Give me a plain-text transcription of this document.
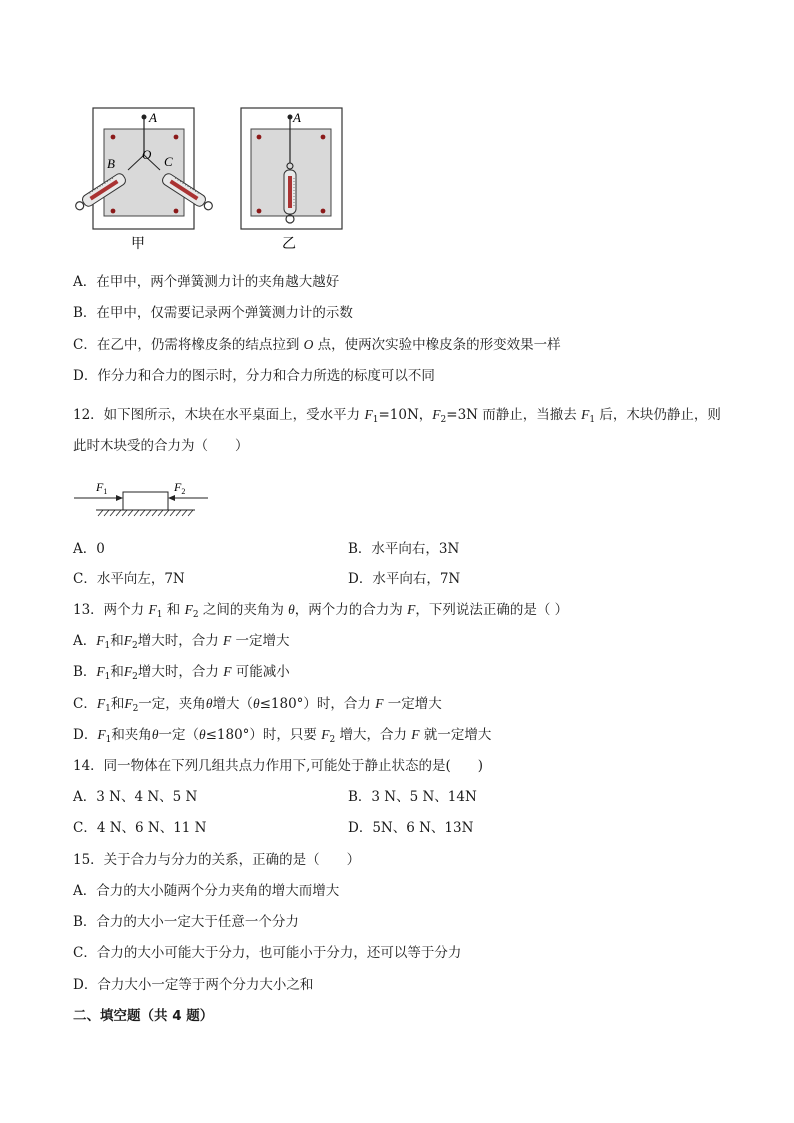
A
B
O C
甲
A
乙
A．在甲中，两个弹簧测力计的夹角越大越好
B．在甲中，仅需要记录两个弹簧测力计的示数
C．在乙中，仍需将橡皮条的结点拉到 O 点，使两次实验中橡皮条的形变效果一样
D．作分力和合力的图示时，分力和合力所选的标度可以不同
12．如下图所示，木块在水平桌面上，受水平力 $F_1=10N$，$F_2=3N$ 而静止，当撤去 $F_1$ 后，木块仍静止，则
此时木块受的合力为（　　）
$F_1$	$F_2$
A．0	B．水平向右，3N
C．水平向左，7N	D．水平向右，7N
13．两个力 $F_1$ 和 $F_2$ 之间的夹角为 θ，两个力的合力为 F，下列说法正确的是（ ）
A．$F_1$和$F_2$增大时，合力 F 一定增大
B．$F_1$和$F_2$增大时，合力 F 可能减小
C．$F_1$和$F_2$一定，夹角θ增大（θ≤180°）时，合力 F 一定增大
D．$F_1$和夹角θ一定（θ≤180°）时，只要 $F_2$ 增大，合力 F 就一定增大
14．同一物体在下列几组共点力作用下,可能处于静止状态的是(　　)
A．3 N、4 N、5 N	B．3 N、5 N、14N
C．4 N、6 N、11 N	D．5N、6 N、13N
15．关于合力与分力的关系，正确的是（　　）
A．合力的大小随两个分力夹角的增大而增大
B．合力的大小一定大于任意一个分力
C．合力的大小可能大于分力，也可能小于分力，还可以等于分力
D．合力大小一定等于两个分力大小之和
二、填空题（共 4 题）
